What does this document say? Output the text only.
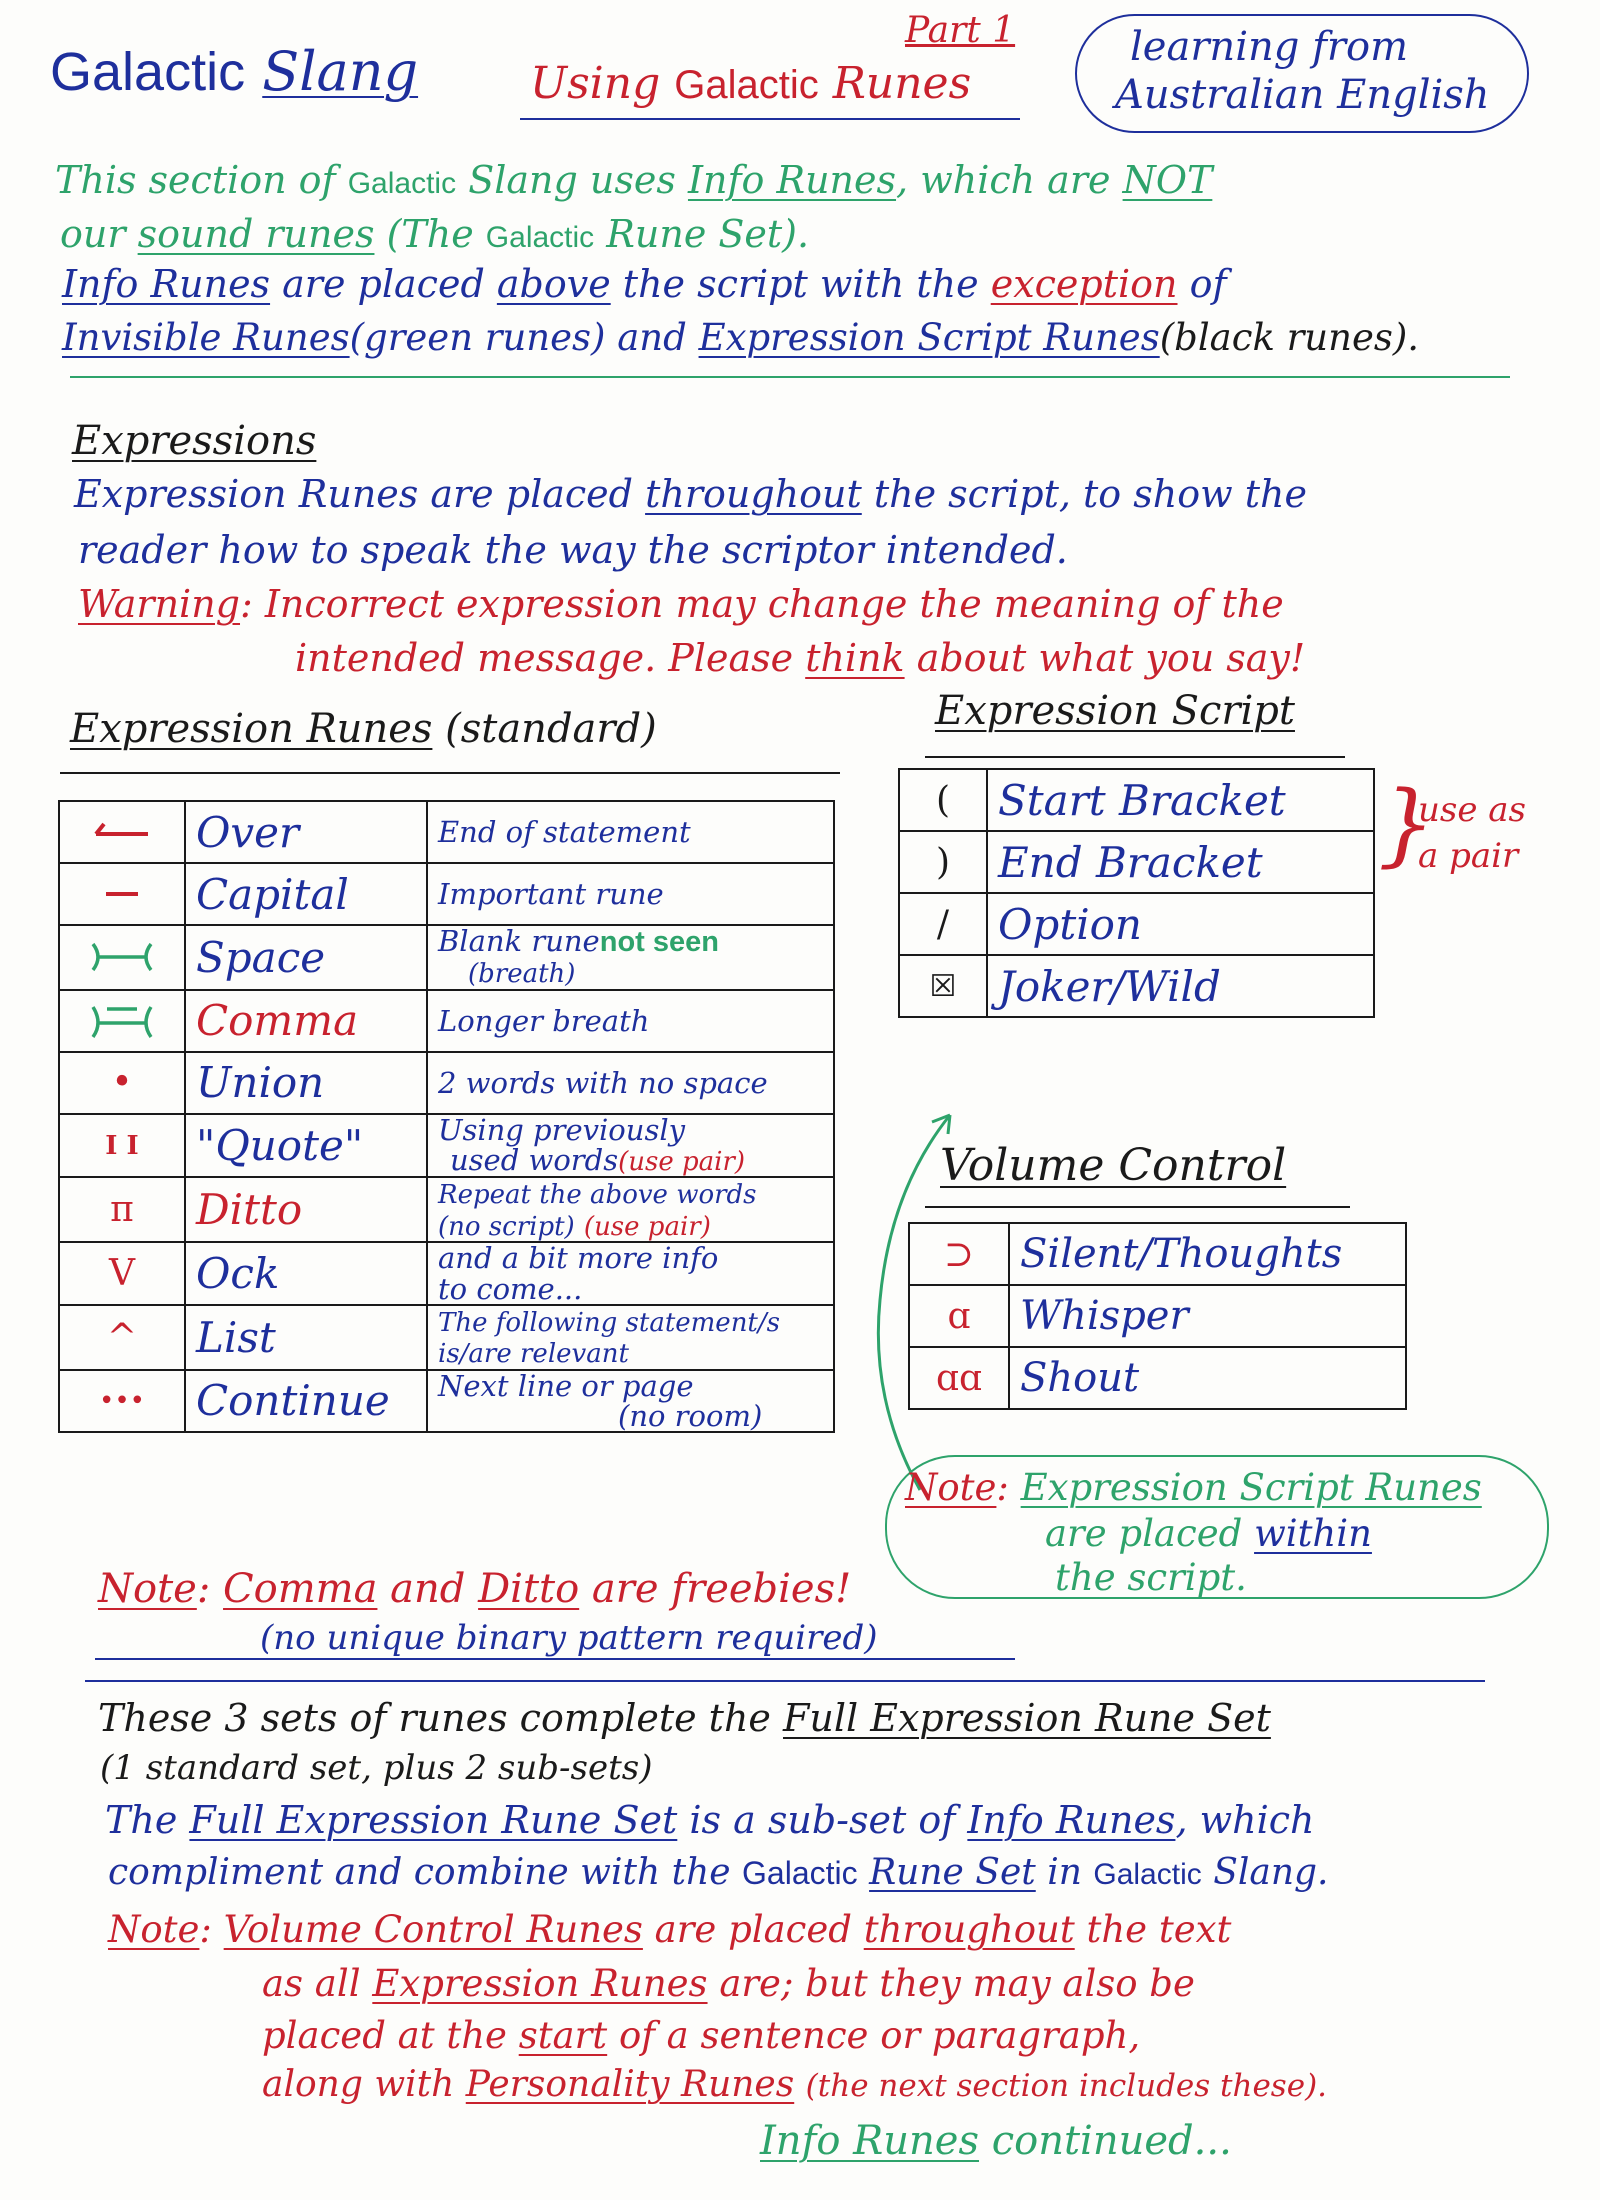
Galactic Slang
Part 1
Using Galactic Runes
learning from
Australian English
This section of Galactic Slang uses Info Runes, which are NOT
our sound runes (The Galactic Rune Set).
Info Runes are placed above the script with the exception of
Invisible Runes(green runes) and Expression Script Runes(black runes).
Expressions
Expression Runes are placed throughout the script, to show the
reader how to speak the way the scriptor intended.
Warning: Incorrect expression may change the meaning of the
intended message. Please think about what you say!
Expression Runes (standard)
	Over	End of statement

	Capital	Important rune

	Space	Blank runenot seen
(breath)

	Comma	Longer breath
•	Union	2 words with no space
I I	"Quote"	Using previously
used words(use pair)
π	Ditto	Repeat the above words
(no script) (use pair)
V	Ock	and a bit more info
to come...
^	List	The following statement/s
is/are relevant
•••	Continue	Next line or page
(no room)
Note: Comma and Ditto are freebies!
(no unique binary pattern required)
Expression Script
(	Start Bracket
)	End Bracket
/	Option
☒	Joker/Wild
}
use as
a pair
Volume Control
⊃	Silent/Thoughts
ɑ	Whisper
ɑɑ	Shout
Note: Expression Script Runes
are placed within
the script.
These 3 sets of runes complete the Full Expression Rune Set
(1 standard set, plus 2 sub-sets)
The Full Expression Rune Set is a sub-set of Info Runes, which
compliment and combine with the Galactic Rune Set in Galactic Slang.
Note: Volume Control Runes are placed throughout the text
as all Expression Runes are; but they may also be
placed at the start of a sentence or paragraph,
along with Personality Runes (the next section includes these).
Info Runes continued...
